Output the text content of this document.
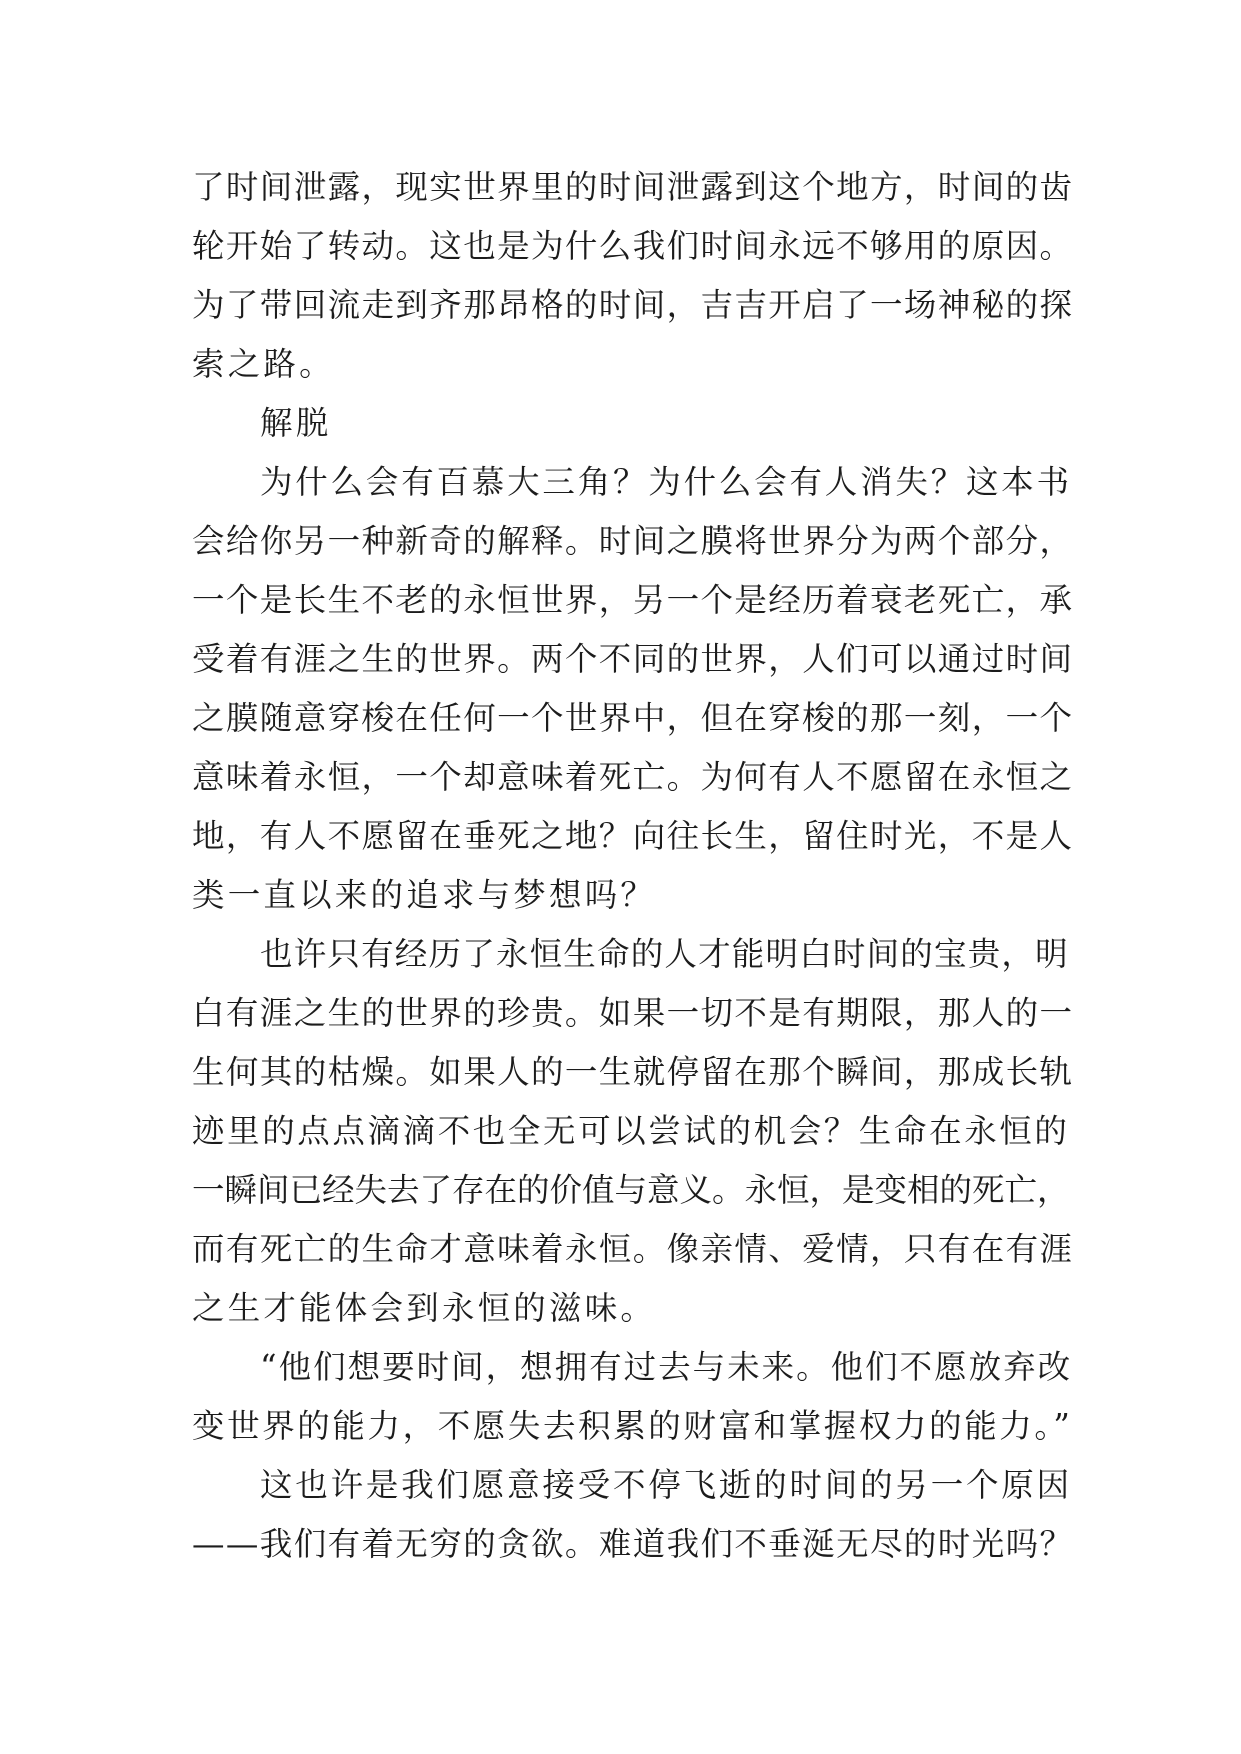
了时间泄露，现实世界里的时间泄露到这个地方，时间的齿
轮开始了转动。这也是为什么我们时间永远不够用的原因。
为了带回流走到齐那昂格的时间，吉吉开启了一场神秘的探
索之路。
解脱
为什么会有百慕大三角？为什么会有人消失？这本书
会给你另一种新奇的解释。时间之膜将世界分为两个部分，
一个是长生不老的永恒世界，另一个是经历着衰老死亡，承
受着有涯之生的世界。两个不同的世界，人们可以通过时间
之膜随意穿梭在任何一个世界中，但在穿梭的那一刻，一个
意味着永恒，一个却意味着死亡。为何有人不愿留在永恒之
地，有人不愿留在垂死之地？向往长生，留住时光，不是人
类一直以来的追求与梦想吗？
也许只有经历了永恒生命的人才能明白时间的宝贵，明
白有涯之生的世界的珍贵。如果一切不是有期限，那人的一
生何其的枯燥。如果人的一生就停留在那个瞬间，那成长轨
迹里的点点滴滴不也全无可以尝试的机会？生命在永恒的
一瞬间已经失去了存在的价值与意义。永恒，是变相的死亡，
而有死亡的生命才意味着永恒。像亲情、爱情，只有在有涯
之生才能体会到永恒的滋味。
“他们想要时间，想拥有过去与未来。他们不愿放弃改
变世界的能力，不愿失去积累的财富和掌握权力的能力。”
这也许是我们愿意接受不停飞逝的时间的另一个原因
——我们有着无穷的贪欲。难道我们不垂涎无尽的时光吗？
